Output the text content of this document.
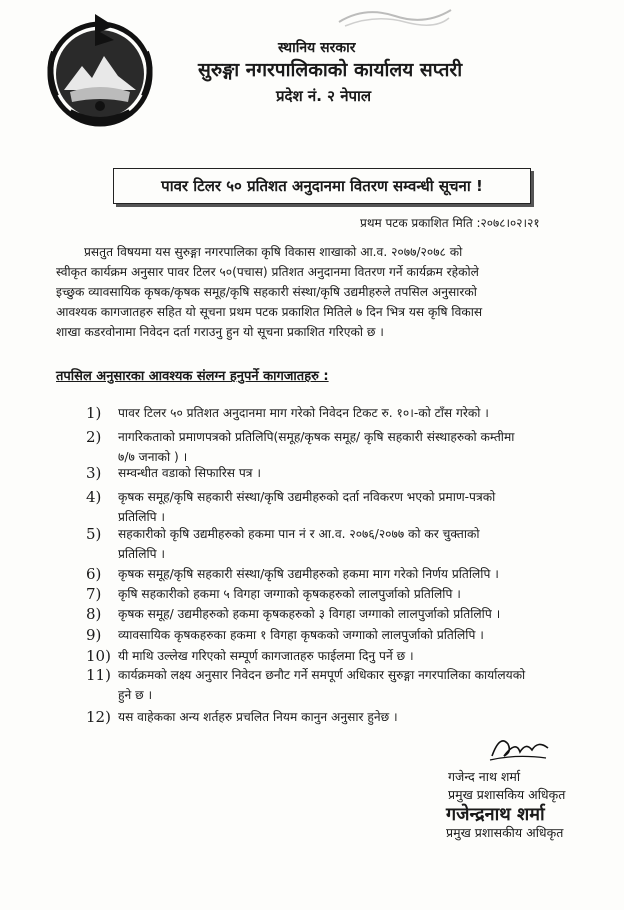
स्थानिय सरकार
सुरुङ्गा नगरपालिकाको कार्यालय सप्तरी
प्रदेश नं. २ नेपाल
पावर टिलर ५० प्रतिशत अनुदानमा वितरण सम्वन्धी सूचना !
प्रथम पटक प्रकाशित मिति :२०७८।०२।२१
प्रसतुत विषयमा यस सुरुङ्गा नगरपालिका कृषि विकास शाखाको आ.व. २०७७/२०७८ को
स्वीकृत कार्यक्रम अनुसार पावर टिलर ५०(पचास) प्रतिशत अनुदानमा वितरण गर्ने कार्यक्रम रहेकोले
इच्छुक व्यावसायिक कृषक/कृषक समूह/कृषि सहकारी संस्था/कृषि उद्यमीहरुले तपसिल अनुसारको
आवश्यक कागजातहरु सहित यो सूचना प्रथम पटक प्रकाशित मितिले ७ दिन भित्र यस कृषि विकास
शाखा कडरवोनामा निवेदन दर्ता गराउनु हुन यो सूचना प्रकाशित गरिएको छ ।
तपसिल अनुसारका आवश्यक संलग्न हनुपर्ने कागजातहरु :
1)	पावर टिलर ५० प्रतिशत अनुदानमा माग गरेको निवेदन टिकट रु. १०।-को टाँस गरेको ।
2)	नागरिकताको प्रमाणपत्रको प्रतिलिपि(समूह/कृषक समूह/ कृषि सहकारी संस्थाहरुको कम्तीमा
७/७ जनाको ) ।
3)	सम्वन्धीत वडाको सिफारिस पत्र ।
4)	कृषक समूह/कृषि सहकारी संस्था/कृषि उद्यमीहरुको दर्ता नविकरण भएको प्रमाण-पत्रको
प्रतिलिपि ।
5)	सहकारीको कृषि उद्यमीहरुको हकमा पान नं र आ.व. २०७६/२०७७ को कर चुक्ताको
प्रतिलिपि ।
6)	कृषक समूह/कृषि सहकारी संस्था/कृषि उद्यमीहरुको हकमा माग गरेको निर्णय प्रतिलिपि ।
7)	कृषि सहकारीको हकमा ५ विगहा जग्गाको कृषकहरुको लालपुर्जाको प्रतिलिपि ।
8)	कृषक समूह/ उद्यमीहरुको हकमा कृषकहरुको ३ विगहा जग्गाको लालपुर्जाको प्रतिलिपि ।
9)	व्यावसायिक कृषकहरुका हकमा १ विगहा कृषकको जग्गाको लालपुर्जाको प्रतिलिपि ।
10) यी माथि उल्लेख गरिएको सम्पूर्ण कागजातहरु फाईलमा दिनु पर्ने छ ।
11) कार्यक्रमको लक्ष्य अनुसार निवेदन छनौट गर्ने समपूर्ण अधिकार सुरुङ्गा नगरपालिका कार्यालयको
हुने छ ।
12) यस वाहेकका अन्य शर्तहरु प्रचलित नियम कानुन अनुसार हुनेछ ।
गजेन्द नाथ शर्मा
प्रमुख प्रशासकिय अधिकृत
गजेन्द्रनाथ शर्मा
प्रमुख प्रशासकीय अधिकृत
